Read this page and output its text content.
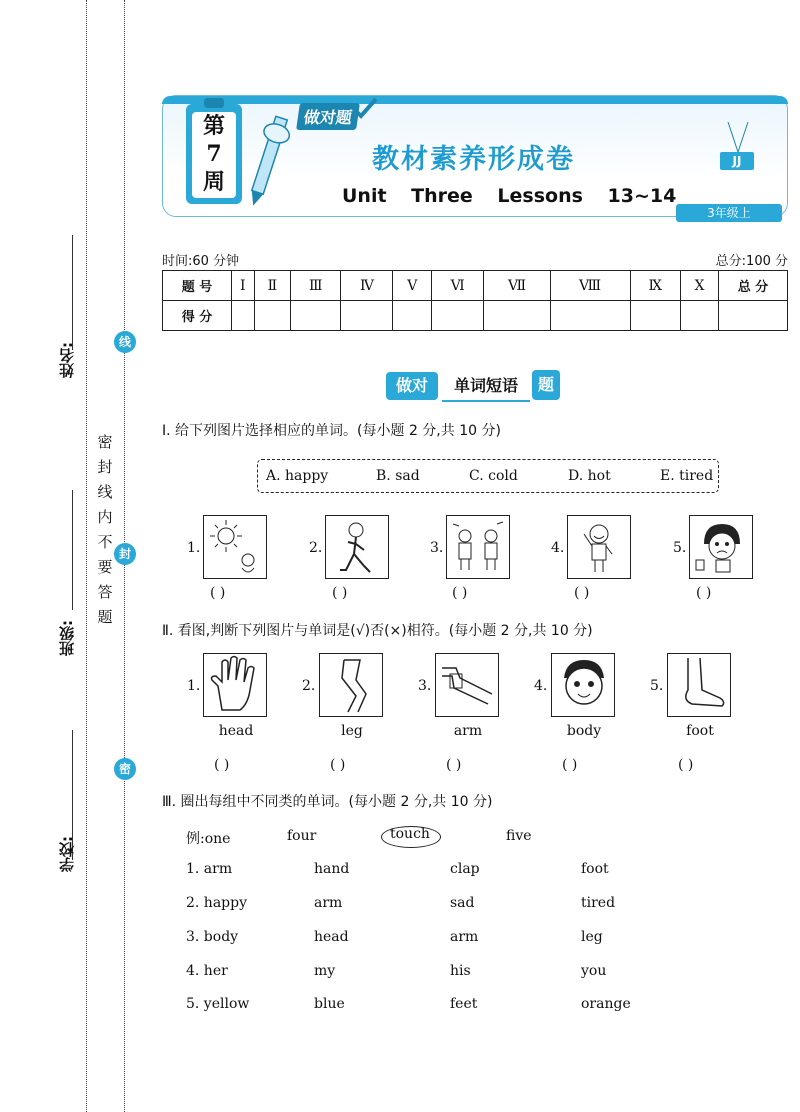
学校:
班级:
姓名:	线
封
密
密
封
线
内
不
要
答
题
第
7
周
做对题
教材素养形成卷
Unit Three Lessons 13~14
JJ
3年级上
时间:60 分钟	总分:100 分
题 号	Ⅰ	Ⅱ	Ⅲ	Ⅳ	Ⅴ	Ⅵ	Ⅶ	Ⅷ	Ⅸ	Ⅹ	总 分
得 分											
做对	单词短语	题
Ⅰ. 给下列图片选择相应的单词。(每小题 2 分,共 10 分)
A. happy	B. sad	C. cold	D. hot	E. tired
1.
( )
2.
( )
3.
( )
4.
( )
5.
( )
Ⅱ. 看图,判断下列图片与单词是(√)否(×)相符。(每小题 2 分,共 10 分)
1.
head
( )
2.
leg
( )
3.
arm
( )
4.
body
( )
5.
foot
( )
Ⅲ. 圈出每组中不同类的单词。(每小题 2 分,共 10 分)
例:one	four	touch	five
1. arm	hand	clap	foot
2. happy	arm	sad	tired
3. body	head	arm	leg
4. her	my	his	you
5. yellow	blue	feet	orange
